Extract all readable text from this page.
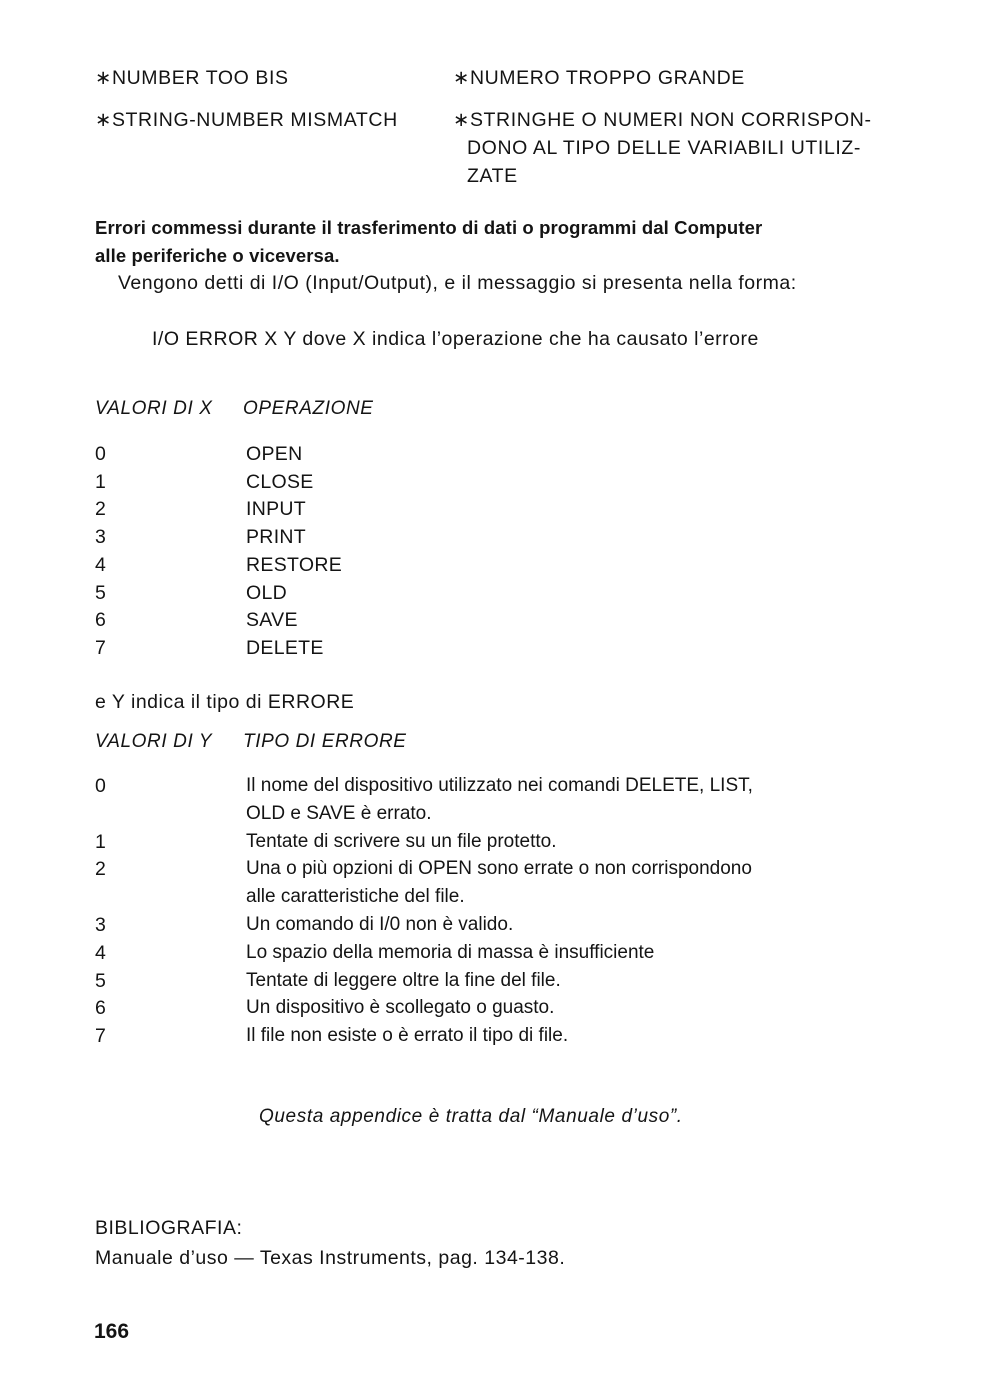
∗NUMBER TOO BIS	∗NUMERO TROPPO GRANDE
∗STRING-NUMBER MISMATCH	∗STRINGHE O NUMERI NON CORRISPON-
DONO AL TIPO DELLE VARIABILI UTILIZ-
ZATE
Errori commessi durante il trasferimento di dati o programmi dal Computer
alle periferiche o viceversa.
Vengono detti di I/O (Input/Output), e il messaggio si presenta nella forma:
I/O ERROR X Y dove X indica l’operazione che ha causato l’errore
VALORI DI X OPERAZIONE
0	OPEN
1	CLOSE
2	INPUT
3	PRINT
4	RESTORE
5	OLD
6	SAVE
7	DELETE
e Y indica il tipo di ERRORE
VALORI DI Y TIPO DI ERRORE
0	Il nome del dispositivo utilizzato nei comandi DELETE, LIST,
OLD e SAVE è errato.
1	Tentate di scrivere su un file protetto.
2	Una o più opzioni di OPEN sono errate o non corrispondono
alle caratteristiche del file.
3	Un comando di I/0 non è valido.
4	Lo spazio della memoria di massa è insufficiente
5	Tentate di leggere oltre la fine del file.
6	Un dispositivo è scollegato o guasto.
7	Il file non esiste o è errato il tipo di file.
Questa appendice è tratta dal “Manuale d’uso”.
BIBLIOGRAFIA:
Manuale d’uso — Texas Instruments, pag. 134-138.
166
